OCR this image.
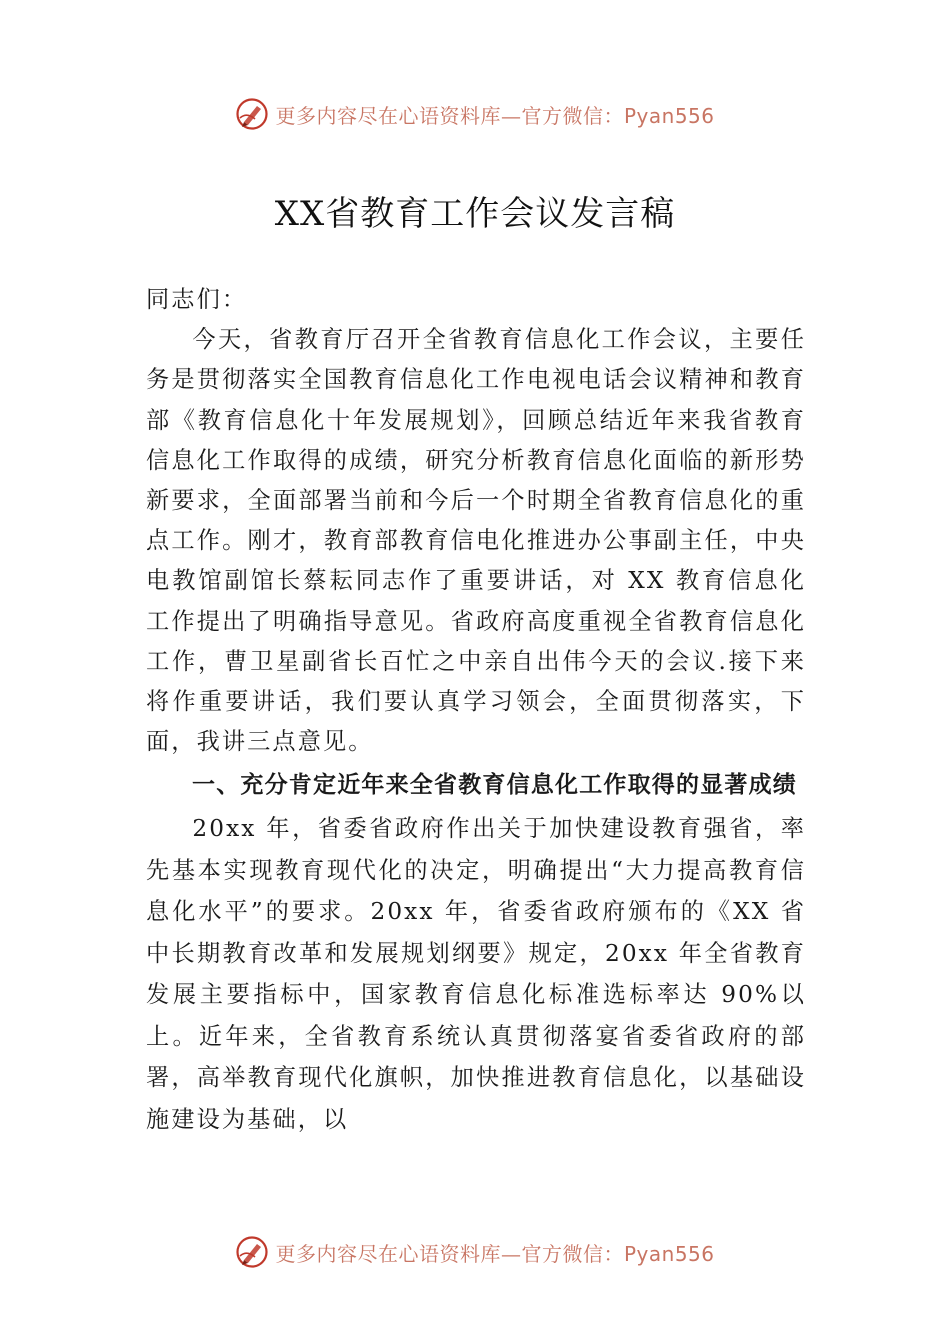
更多内容尽在心语资料库—官方微信：Pyan556
XX省教育工作会议发言稿

同志们：

今天，省教育厅召开全省教育信息化工作会议，主要任务是贯彻落实全国教育信息化工作电视电话会议精神和教育部《教育信息化十年发展规划》，回顾总结近年来我省教育信息化工作取得的成绩，研究分析教育信息化面临的新形势新要求，全面部署当前和今后一个时期全省教育信息化的重点工作。刚才，教育部教育信电化推进办公事副主任，中央电教馆副馆长蔡耘同志作了重要讲话，对 XX 教育信息化工作提出了明确指导意见。省政府高度重视全省教育信息化工作，曹卫星副省长百忙之中亲自出伟今天的会议.接下来将作重要讲话，我们要认真学习领会，全面贯彻落实，下面，我讲三点意见。

一、充分肯定近年来全省教育信息化工作取得的显著成绩

20xx 年，省委省政府作出关于加快建设教育强省，率先基本实现教育现代化的决定，明确提出“大力提高教育信息化水平”的要求。20xx 年，省委省政府颁布的《XX 省中长期教育改革和发展规划纲要》规定，20xx 年全省教育发展主要指标中，国家教育信息化标准选标率达 90%以上。近年来，全省教育系统认真贯彻落宴省委省政府的部署，高举教育现代化旗帜，加快推进教育信息化，以基础设施建设为基础，以

更多内容尽在心语资料库—官方微信：Pyan556
